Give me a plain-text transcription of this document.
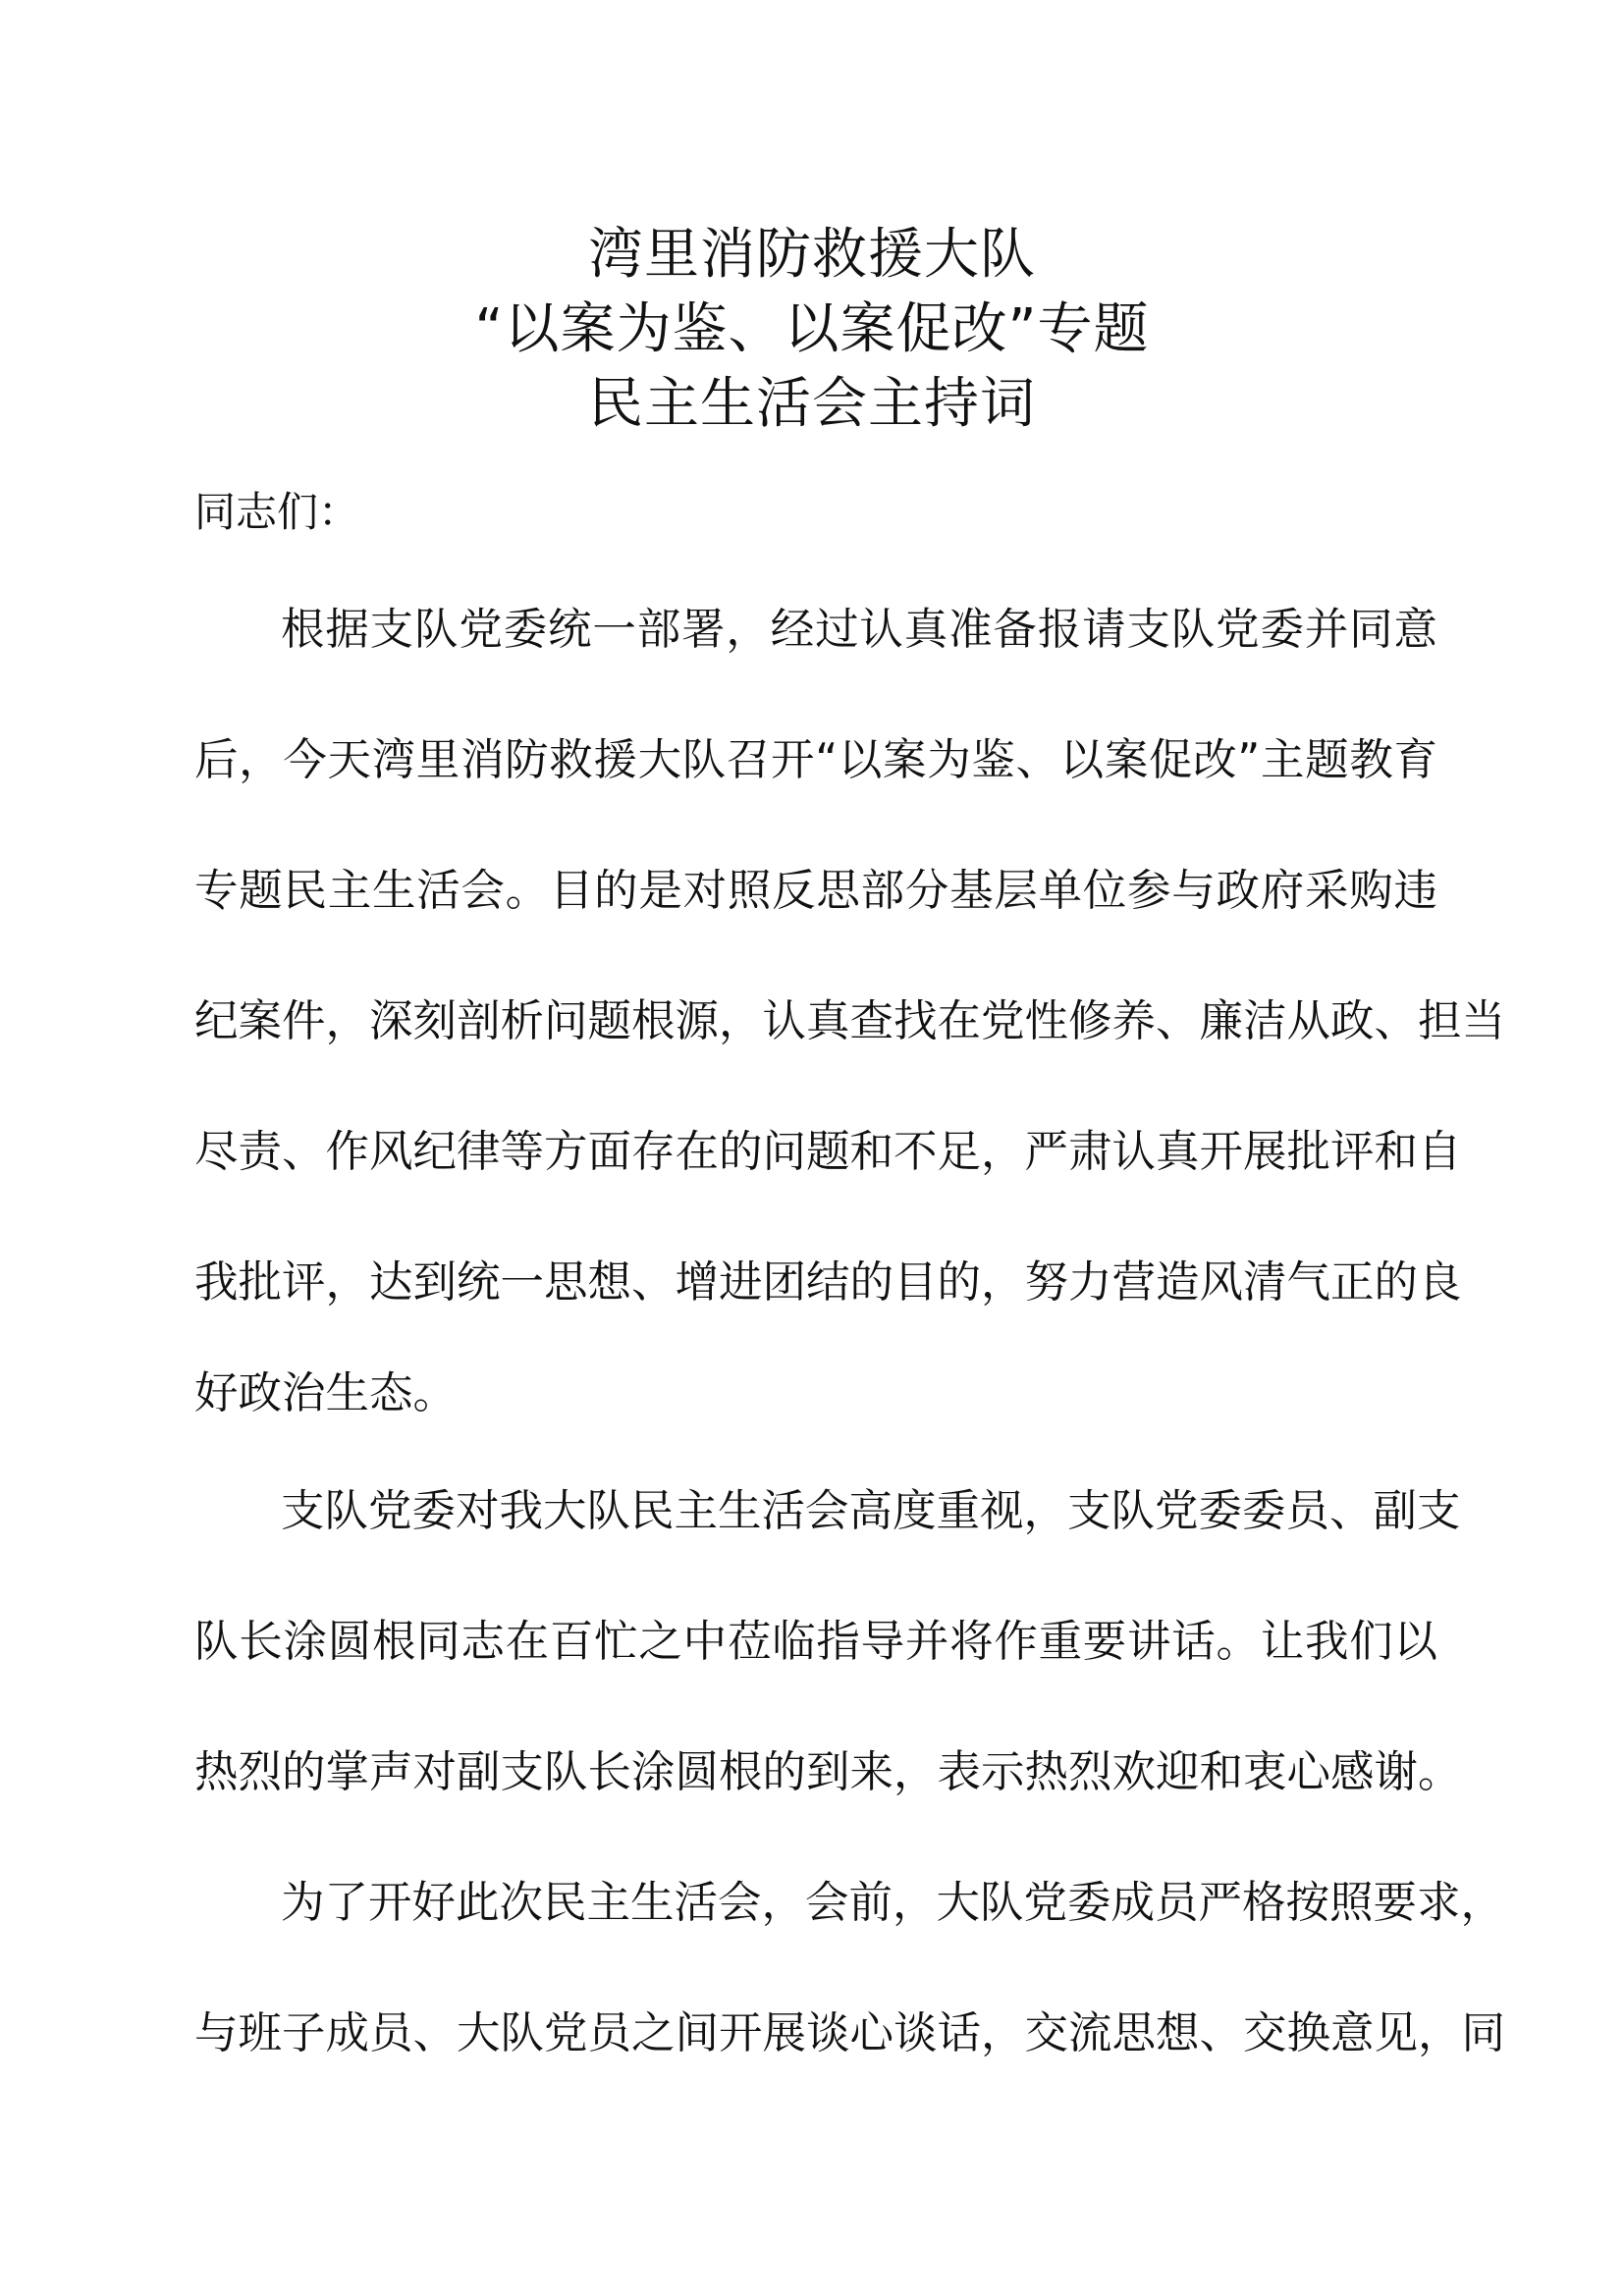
湾里消防救援大队
“以案为鉴、以案促改”专题
民主生活会主持词
同志们：
根据支队党委统一部署，经过认真准备报请支队党委并同意
后，今天湾里消防救援大队召开“以案为鉴、以案促改”主题教育
专题民主生活会。目的是对照反思部分基层单位参与政府采购违
纪案件，深刻剖析问题根源，认真查找在党性修养、廉洁从政、担当
尽责、作风纪律等方面存在的问题和不足，严肃认真开展批评和自
我批评，达到统一思想、增进团结的目的，努力营造风清气正的良
好政治生态。
支队党委对我大队民主生活会高度重视，支队党委委员、副支
队长涂圆根同志在百忙之中莅临指导并将作重要讲话。让我们以
热烈的掌声对副支队长涂圆根的到来，表示热烈欢迎和衷心感谢。
为了开好此次民主生活会，会前，大队党委成员严格按照要求，
与班子成员、大队党员之间开展谈心谈话，交流思想、交换意见，同
